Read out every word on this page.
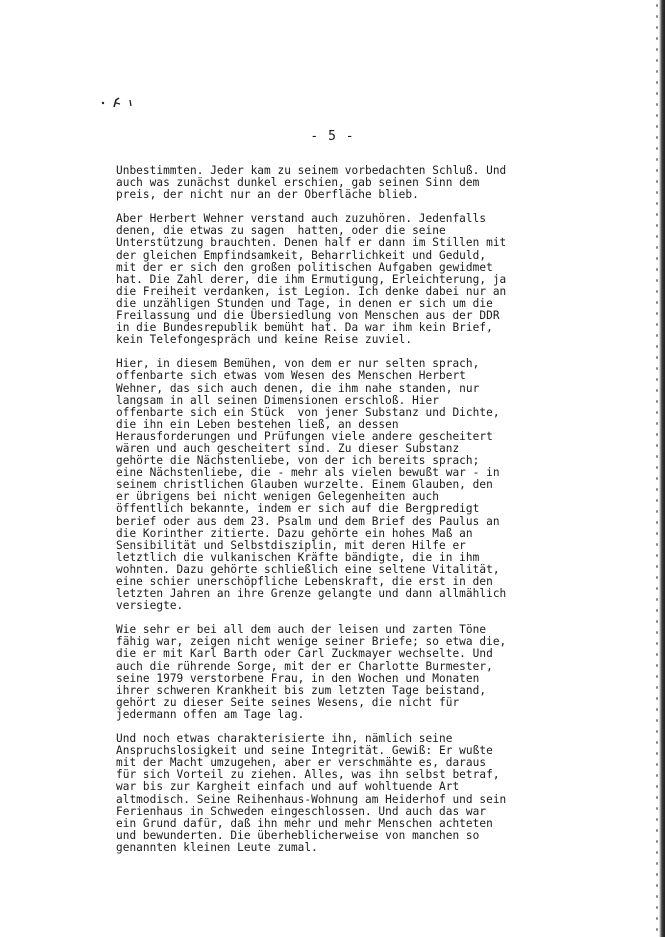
- 5 -
Unbestimmten. Jeder kam zu seinem vorbedachten Schluß. Und
auch was zunächst dunkel erschien, gab seinen Sinn dem
preis, der nicht nur an der Oberfläche blieb.
Aber Herbert Wehner verstand auch zuzuhören. Jedenfalls
denen, die etwas zu sagen  hatten, oder die seine
Unterstützung brauchten. Denen half er dann im Stillen mit
der gleichen Empfindsamkeit, Beharrlichkeit und Geduld,
mit der er sich den großen politischen Aufgaben gewidmet
hat. Die Zahl derer, die ihm Ermutigung, Erleichterung, ja
die Freiheit verdanken, ist Legion. Ich denke dabei nur an
die unzähligen Stunden und Tage, in denen er sich um die
Freilassung und die Übersiedlung von Menschen aus der DDR
in die Bundesrepublik bemüht hat. Da war ihm kein Brief,
kein Telefongespräch und keine Reise zuviel.
Hier, in diesem Bemühen, von dem er nur selten sprach,
offenbarte sich etwas vom Wesen des Menschen Herbert
Wehner, das sich auch denen, die ihm nahe standen, nur
langsam in all seinen Dimensionen erschloß. Hier
offenbarte sich ein Stück  von jener Substanz und Dichte,
die ihn ein Leben bestehen ließ, an dessen
Herausforderungen und Prüfungen viele andere gescheitert
wären und auch gescheitert sind. Zu dieser Substanz
gehörte die Nächstenliebe, von der ich bereits sprach;
eine Nächstenliebe, die - mehr als vielen bewußt war - in
seinem christlichen Glauben wurzelte. Einem Glauben, den
er übrigens bei nicht wenigen Gelegenheiten auch
öffentlich bekannte, indem er sich auf die Bergpredigt
berief oder aus dem 23. Psalm und dem Brief des Paulus an
die Korinther zitierte. Dazu gehörte ein hohes Maß an
Sensibilität und Selbstdisziplin, mit deren Hilfe er
letztlich die vulkanischen Kräfte bändigte, die in ihm
wohnten. Dazu gehörte schließlich eine seltene Vitalität,
eine schier unerschöpfliche Lebenskraft, die erst in den
letzten Jahren an ihre Grenze gelangte und dann allmählich
versiegte.
Wie sehr er bei all dem auch der leisen und zarten Töne
fähig war, zeigen nicht wenige seiner Briefe; so etwa die,
die er mit Karl Barth oder Carl Zuckmayer wechselte. Und
auch die rührende Sorge, mit der er Charlotte Burmester,
seine 1979 verstorbene Frau, in den Wochen und Monaten
ihrer schweren Krankheit bis zum letzten Tage beistand,
gehört zu dieser Seite seines Wesens, die nicht für
jedermann offen am Tage lag.
Und noch etwas charakterisierte ihn, nämlich seine
Anspruchslosigkeit und seine Integrität. Gewiß: Er wußte
mit der Macht umzugehen, aber er verschmähte es, daraus
für sich Vorteil zu ziehen. Alles, was ihn selbst betraf,
war bis zur Kargheit einfach und auf wohltuende Art
altmodisch. Seine Reihenhaus-Wohnung am Heiderhof und sein
Ferienhaus in Schweden eingeschlossen. Und auch das war
ein Grund dafür, daß ihn mehr und mehr Menschen achteten
und bewunderten. Die überheblicherweise von manchen so
genannten kleinen Leute zumal.
